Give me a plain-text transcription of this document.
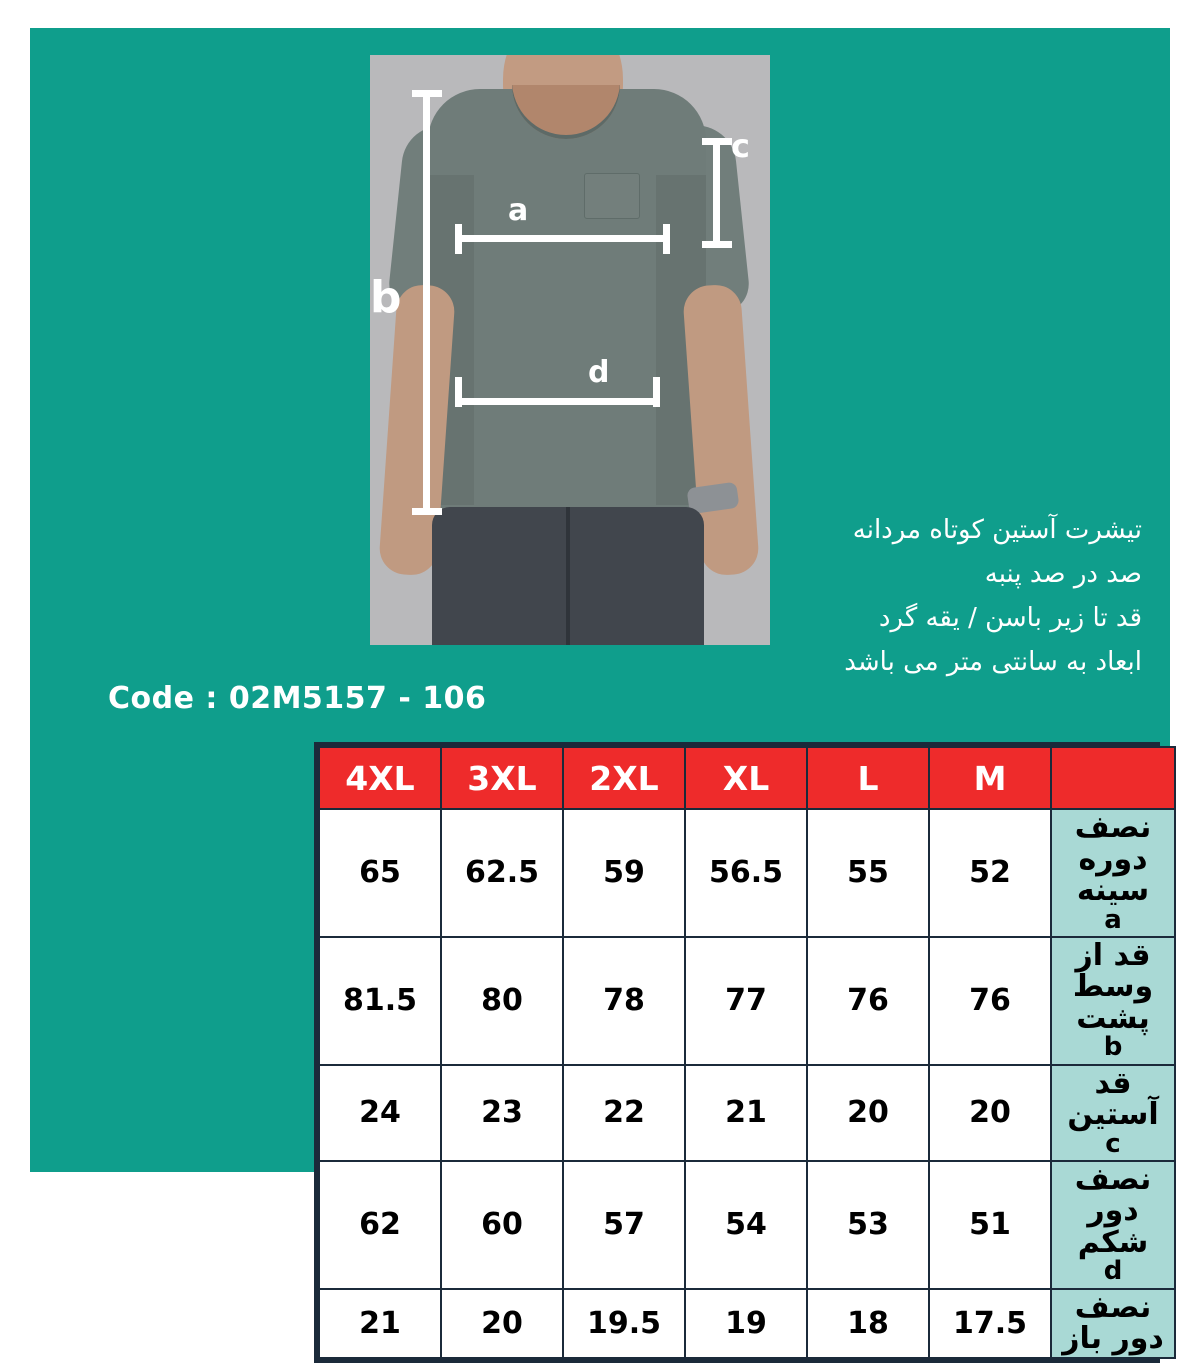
b
a
d
c
تیشرت آستین کوتاه مردانه
صد در صد پنبه
قد تا زیر باسن / یقه گرد
ابعاد به سانتی متر می باشد
Code : 02M5157 - 106
4XL	3XL	2XL	XL	L	M	
65	62.5	59	56.5	55	52	نصف دوره سینه
a

81.5	80	78	77	76	76	قد از وسط پشت
b

24	23	22	21	20	20	قد آستین
c

62	60	57	54	53	51	نصف دور شکم
d

21	20	19.5	19	18	17.5	نصف دور باز
